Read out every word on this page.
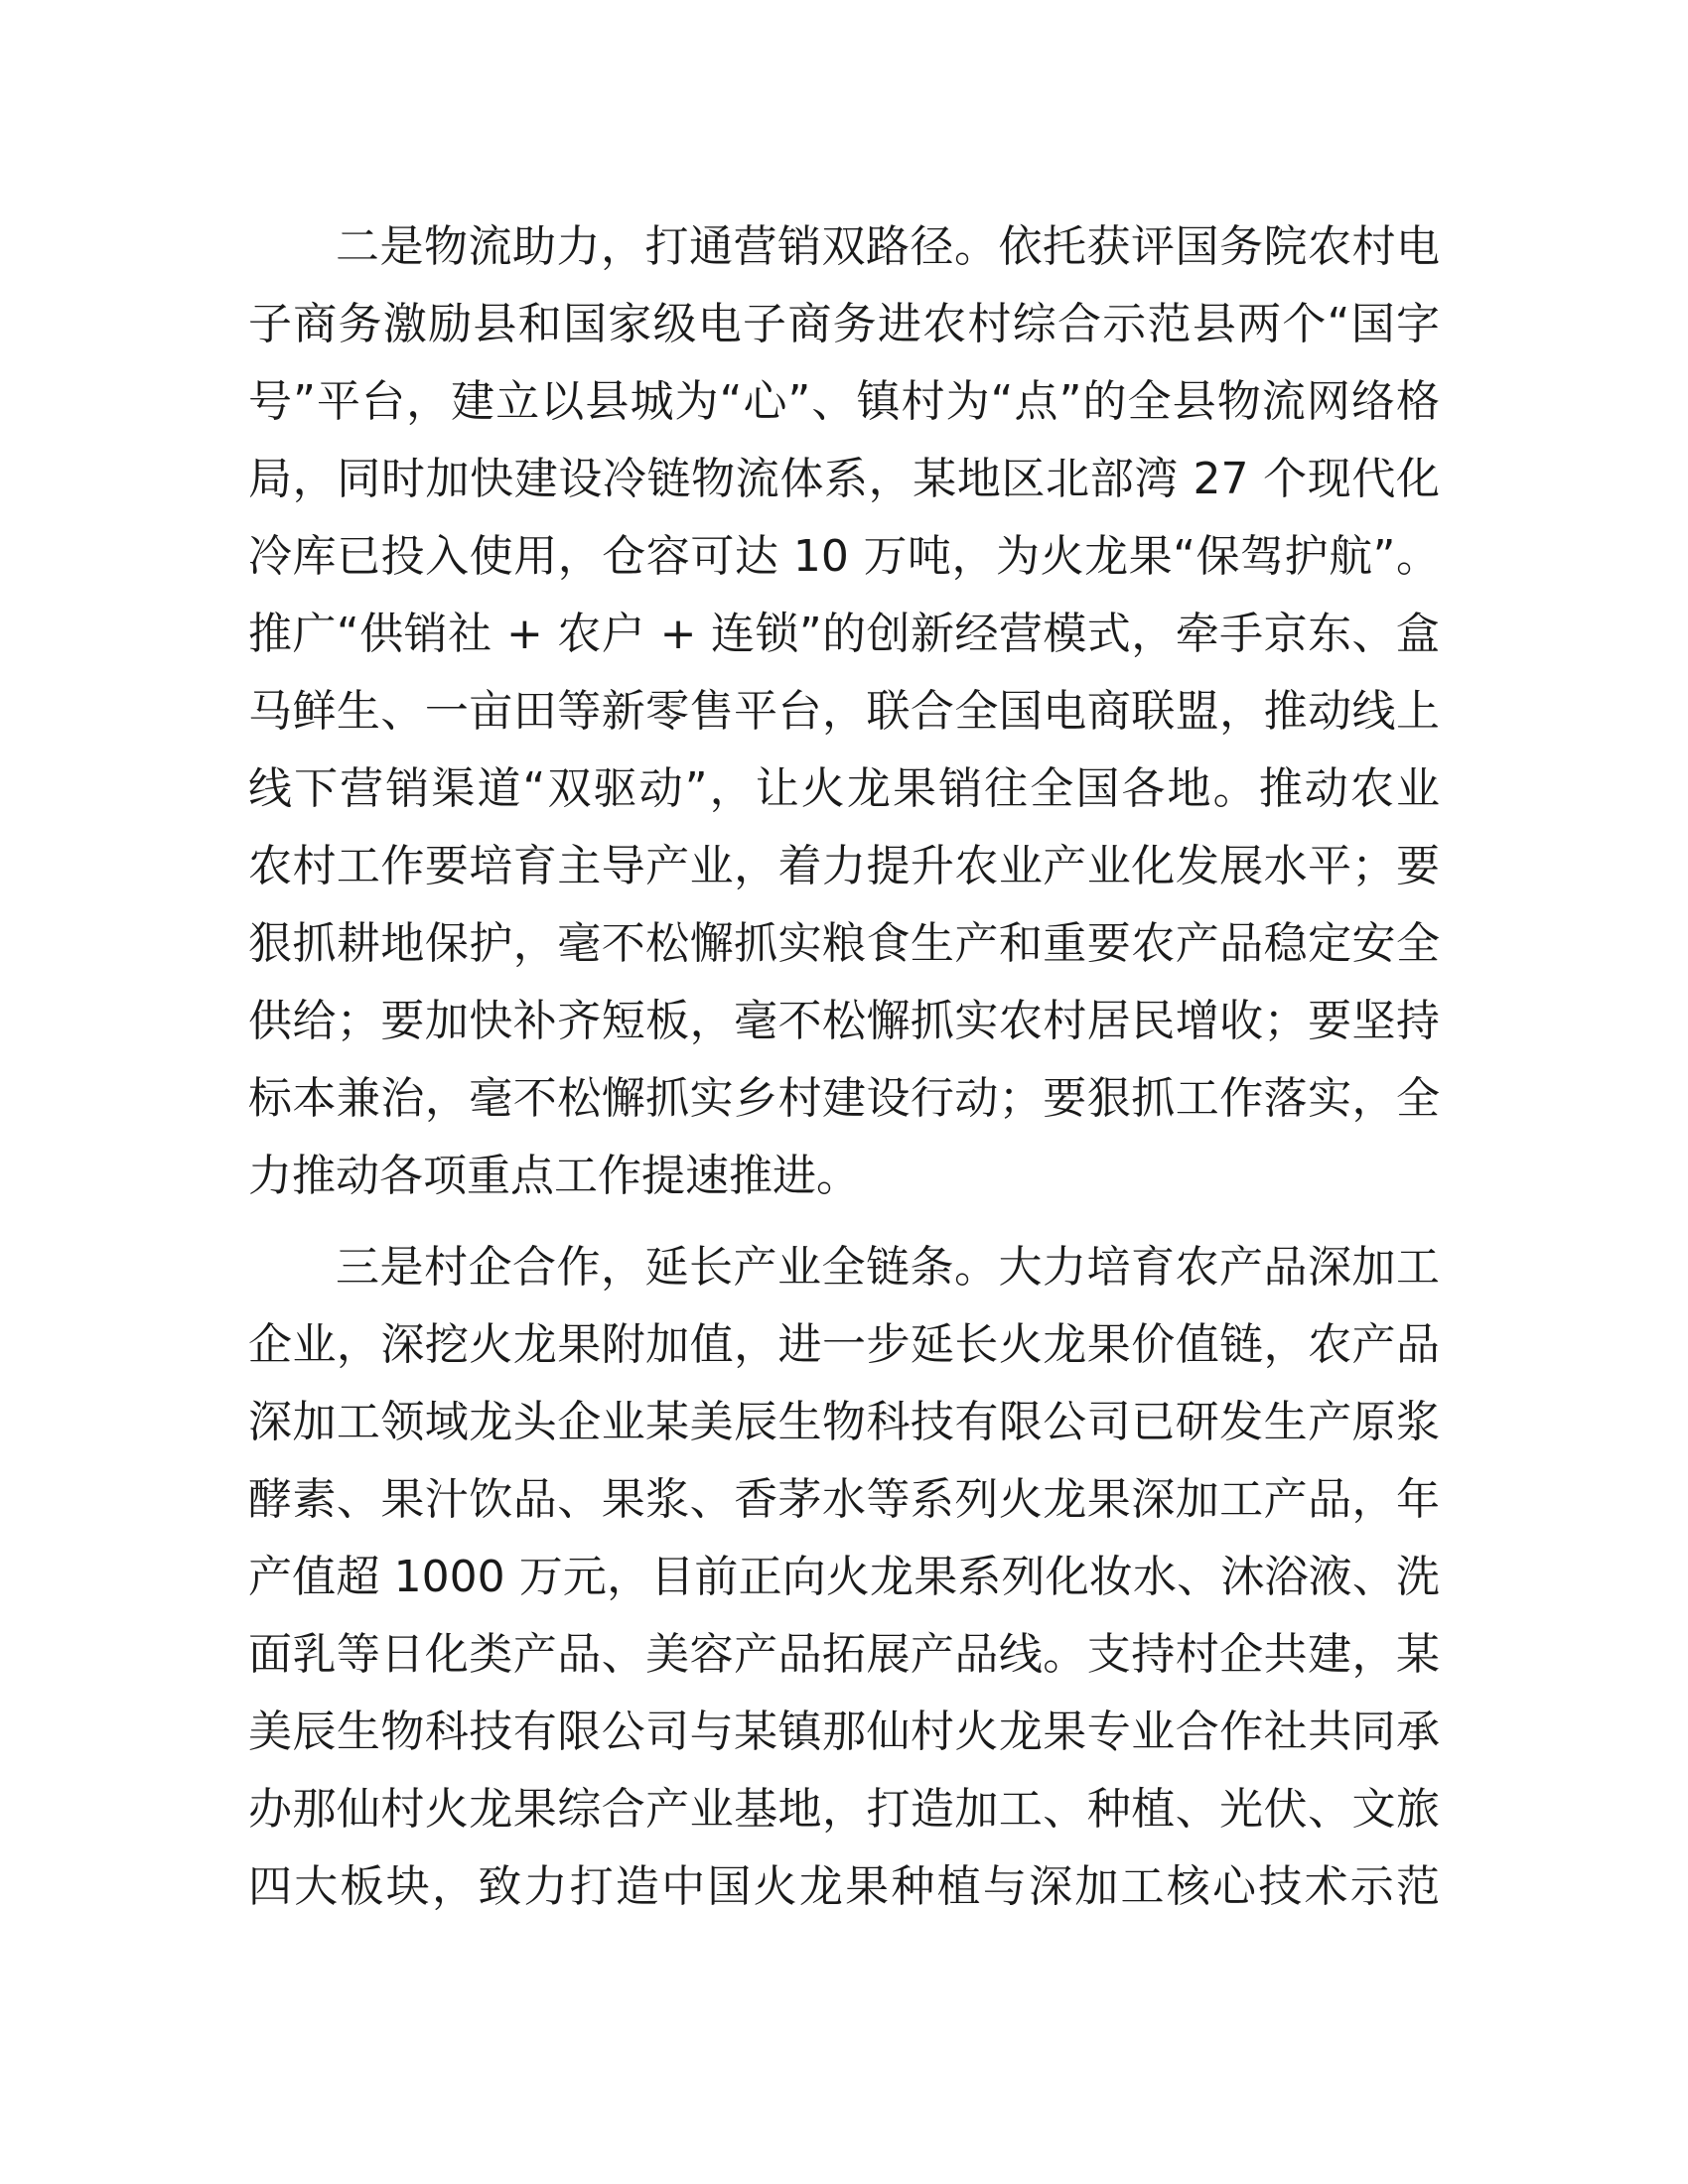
二是物流助力，打通营销双路径。依托获评国务院农村电
子商务激励县和国家级电子商务进农村综合示范县两个“国字
号”平台，建立以县城为“心”、镇村为“点”的全县物流网络格
局，同时加快建设冷链物流体系，某地区北部湾 27 个现代化
冷库已投入使用，仓容可达 10 万吨，为火龙果“保驾护航”。
推广“供销社 + 农户 + 连锁”的创新经营模式，牵手京东、盒
马鲜生、一亩田等新零售平台，联合全国电商联盟，推动线上
线下营销渠道“双驱动”，让火龙果销往全国各地。推动农业
农村工作要培育主导产业，着力提升农业产业化发展水平；要
狠抓耕地保护，毫不松懈抓实粮食生产和重要农产品稳定安全
供给；要加快补齐短板，毫不松懈抓实农村居民增收；要坚持
标本兼治，毫不松懈抓实乡村建设行动；要狠抓工作落实，全
力推动各项重点工作提速推进。
三是村企合作，延长产业全链条。大力培育农产品深加工
企业，深挖火龙果附加值，进一步延长火龙果价值链，农产品
深加工领域龙头企业某美辰生物科技有限公司已研发生产原浆
酵素、果汁饮品、果浆、香茅水等系列火龙果深加工产品，年
产值超 1000 万元，目前正向火龙果系列化妆水、沐浴液、洗
面乳等日化类产品、美容产品拓展产品线。支持村企共建，某
美辰生物科技有限公司与某镇那仙村火龙果专业合作社共同承
办那仙村火龙果综合产业基地，打造加工、种植、光伏、文旅
四大板块，致力打造中国火龙果种植与深加工核心技术示范
